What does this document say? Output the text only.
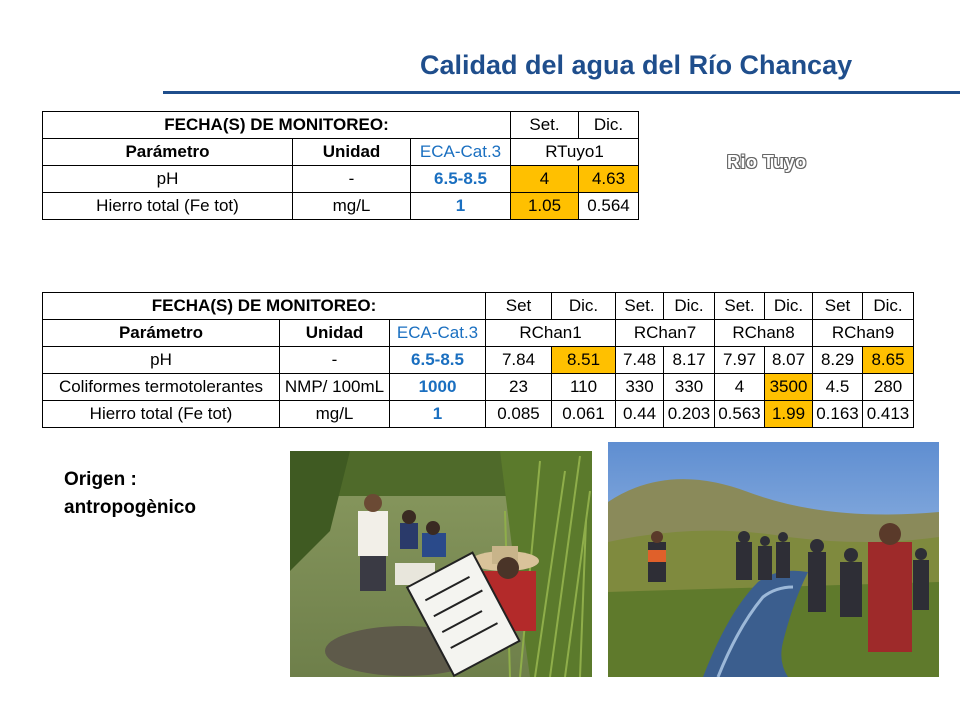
Calidad del agua del Río Chancay
FECHA(S) DE MONITOREO:			Set.	Dic.
Parámetro	Unidad	ECA-Cat.3	RTuyo1	
pH	-	6.5-8.5	4	4.63
Hierro total (Fe tot)	mg/L	1	1.05	0.564
Rio Tuyo
FECHA(S) DE MONITOREO:			Set	Dic.	Set.	Dic.	Set.	Dic.	Set	Dic.
Parámetro	Unidad	ECA-Cat.3	RChan1		RChan7		RChan8		RChan9	
pH	-	6.5-8.5	7.84	8.51	7.48	8.17	7.97	8.07	8.29	8.65
Coliformes termotolerantes	NMP/ 100mL	1000	23	110	330	330	4	3500	4.5	280
Hierro total (Fe tot)	mg/L	1	0.085	0.061	0.44	0.203	0.563	1.99	0.163	0.413
Origen :
antropogènico
